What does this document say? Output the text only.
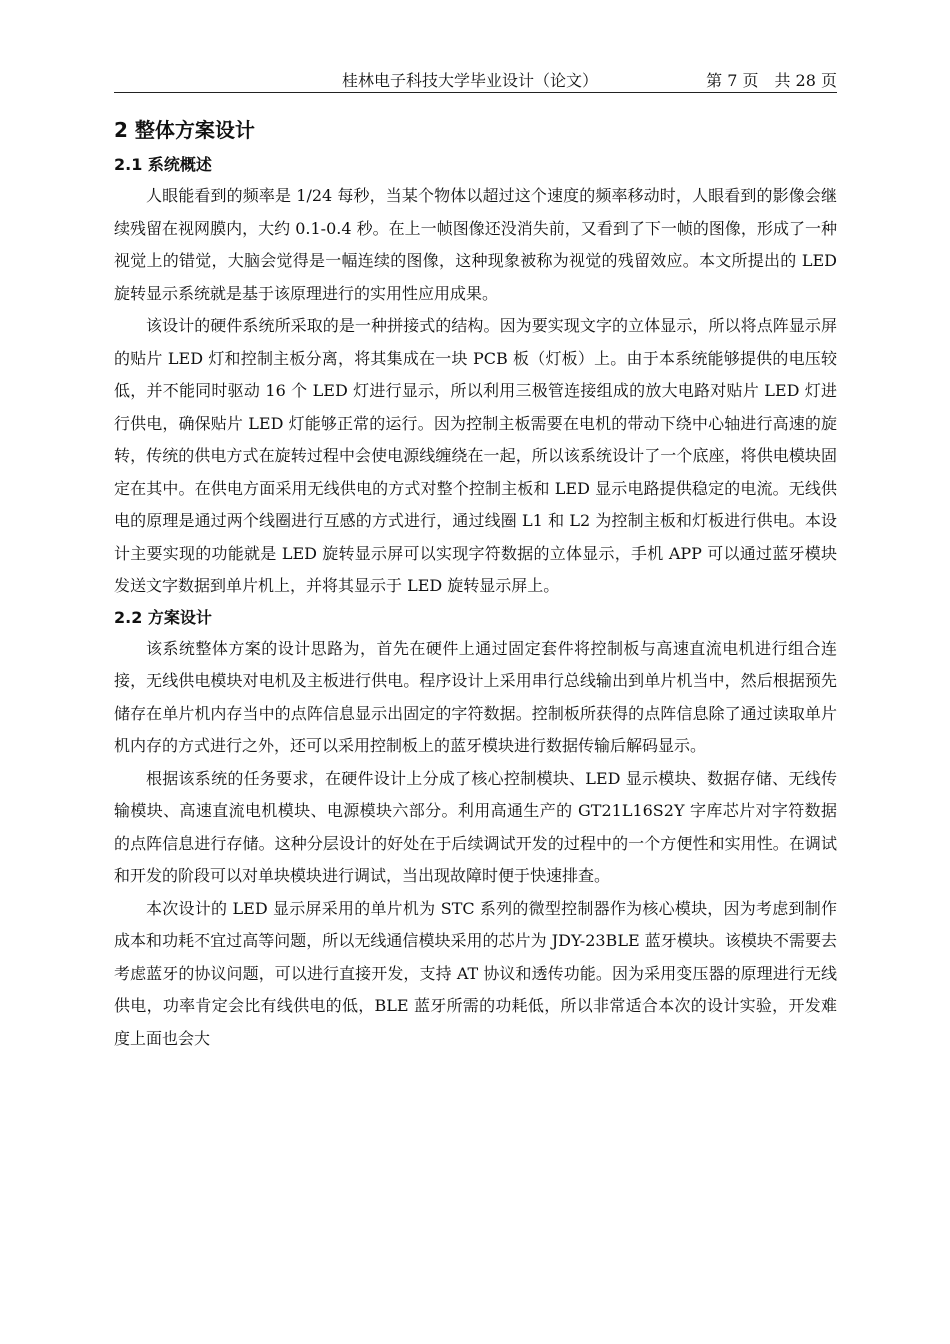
桂林电子科技大学毕业设计（论文）	第 7 页　共 28 页
2 整体方案设计
2.1 系统概述

人眼能看到的频率是 1/24 每秒，当某个物体以超过这个速度的频率移动时，人眼看到的影像会继续残留在视网膜内，大约 0.1-0.4 秒。在上一帧图像还没消失前，又看到了下一帧的图像，形成了一种视觉上的错觉，大脑会觉得是一幅连续的图像，这种现象被称为视觉的残留效应。本文所提出的 LED 旋转显示系统就是基于该原理进行的实用性应用成果。

该设计的硬件系统所采取的是一种拼接式的结构。因为要实现文字的立体显示，所以将点阵显示屏的贴片 LED 灯和控制主板分离，将其集成在一块 PCB 板（灯板）上。由于本系统能够提供的电压较低，并不能同时驱动 16 个 LED 灯进行显示，所以利用三极管连接组成的放大电路对贴片 LED 灯进行供电，确保贴片 LED 灯能够正常的运行。因为控制主板需要在电机的带动下绕中心轴进行高速的旋转，传统的供电方式在旋转过程中会使电源线缠绕在一起，所以该系统设计了一个底座，将供电模块固定在其中。在供电方面采用无线供电的方式对整个控制主板和 LED 显示电路提供稳定的电流。无线供电的原理是通过两个线圈进行互感的方式进行，通过线圈 L1 和 L2 为控制主板和灯板进行供电。本设计主要实现的功能就是 LED 旋转显示屏可以实现字符数据的立体显示，手机 APP 可以通过蓝牙模块发送文字数据到单片机上，并将其显示于 LED 旋转显示屏上。

2.2 方案设计

该系统整体方案的设计思路为，首先在硬件上通过固定套件将控制板与高速直流电机进行组合连接，无线供电模块对电机及主板进行供电。程序设计上采用串行总线输出到单片机当中，然后根据预先储存在单片机内存当中的点阵信息显示出固定的字符数据。控制板所获得的点阵信息除了通过读取单片机内存的方式进行之外，还可以采用控制板上的蓝牙模块进行数据传输后解码显示。

根据该系统的任务要求，在硬件设计上分成了核心控制模块、LED 显示模块、数据存储、无线传输模块、高速直流电机模块、电源模块六部分。利用高通生产的 GT21L16S2Y 字库芯片对字符数据的点阵信息进行存储。这种分层设计的好处在于后续调试开发的过程中的一个方便性和实用性。在调试和开发的阶段可以对单块模块进行调试，当出现故障时便于快速排查。

本次设计的 LED 显示屏采用的单片机为 STC 系列的微型控制器作为核心模块，因为考虑到制作成本和功耗不宜过高等问题，所以无线通信模块采用的芯片为 JDY-23BLE 蓝牙模块。该模块不需要去考虑蓝牙的协议问题，可以进行直接开发，支持 AT 协议和透传功能。因为采用变压器的原理进行无线供电，功率肯定会比有线供电的低，BLE 蓝牙所需的功耗低，所以非常适合本次的设计实验，开发难度上面也会大
